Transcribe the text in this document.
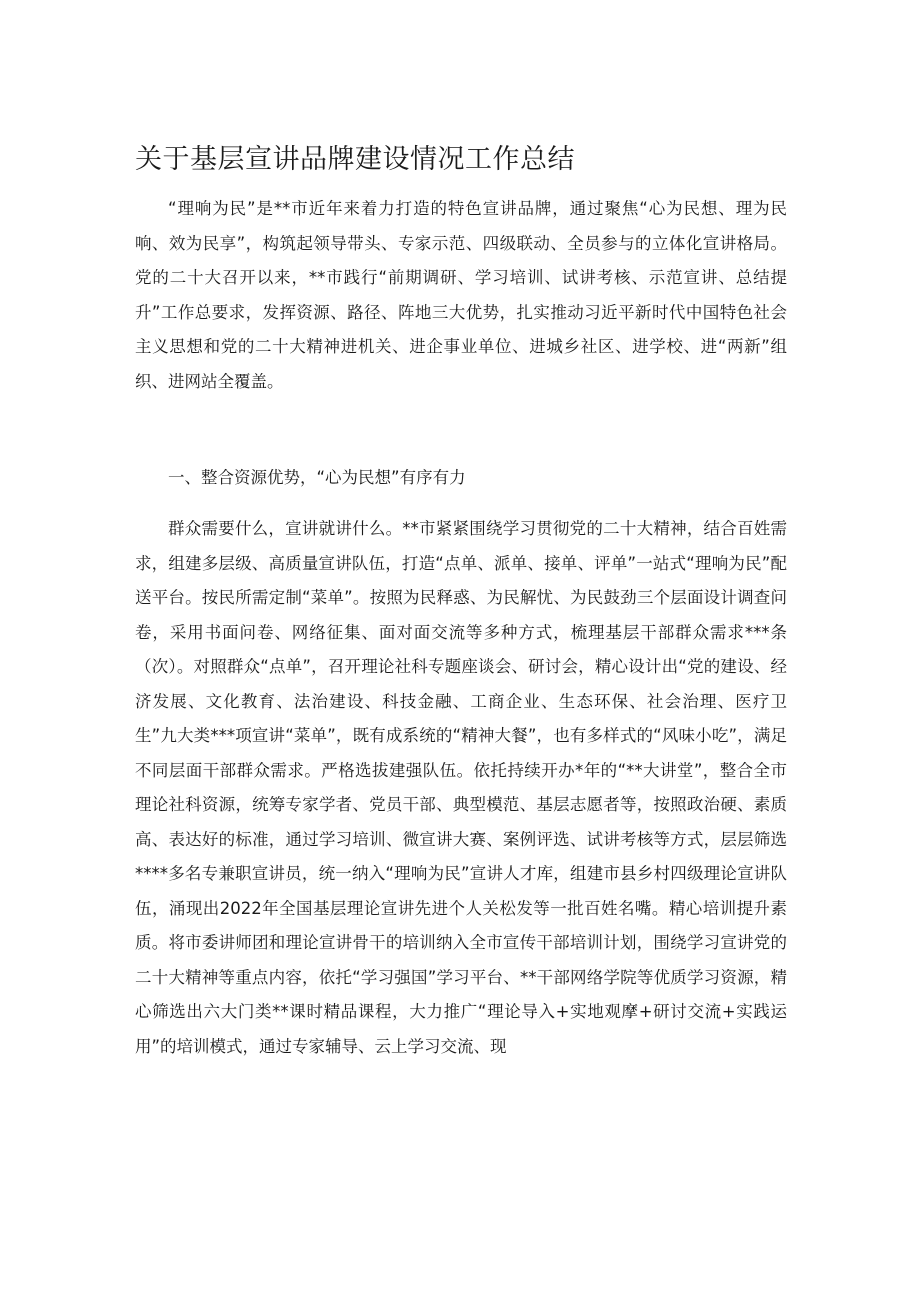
关于基层宣讲品牌建设情况工作总结

“理响为民”是**市近年来着力打造的特色宣讲品牌，通过聚焦“心为民想、理为民响、效为民享”，构筑起领导带头、专家示范、四级联动、全员参与的立体化宣讲格局。党的二十大召开以来，**市践行“前期调研、学习培训、试讲考核、示范宣讲、总结提升”工作总要求，发挥资源、路径、阵地三大优势，扎实推动习近平新时代中国特色社会主义思想和党的二十大精神进机关、进企事业单位、进城乡社区、进学校、进“两新”组织、进网站全覆盖。

一、整合资源优势，“心为民想”有序有力

群众需要什么，宣讲就讲什么。**市紧紧围绕学习贯彻党的二十大精神，结合百姓需求，组建多层级、高质量宣讲队伍，打造“点单、派单、接单、评单”一站式“理响为民”配送平台。按民所需定制“菜单”。按照为民释惑、为民解忧、为民鼓劲三个层面设计调查问卷，采用书面问卷、网络征集、面对面交流等多种方式，梳理基层干部群众需求***条（次）。对照群众“点单”，召开理论社科专题座谈会、研讨会，精心设计出“党的建设、经济发展、文化教育、法治建设、科技金融、工商企业、生态环保、社会治理、医疗卫生”九大类***项宣讲“菜单”，既有成系统的“精神大餐”，也有多样式的“风味小吃”，满足不同层面干部群众需求。严格选拔建强队伍。依托持续开办*年的“**大讲堂”，整合全市理论社科资源，统筹专家学者、党员干部、典型模范、基层志愿者等，按照政治硬、素质高、表达好的标准，通过学习培训、微宣讲大赛、案例评选、试讲考核等方式，层层筛选****多名专兼职宣讲员，统一纳入“理响为民”宣讲人才库，组建市县乡村四级理论宣讲队伍，涌现出2022年全国基层理论宣讲先进个人关松发等一批百姓名嘴。精心培训提升素质。将市委讲师团和理论宣讲骨干的培训纳入全市宣传干部培训计划，围绕学习宣讲党的二十大精神等重点内容，依托“学习强国”学习平台、**干部网络学院等优质学习资源，精心筛选出六大门类**课时精品课程，大力推广“理论导入+实地观摩+研讨交流+实践运用”的培训模式，通过专家辅导、云上学习交流、现
